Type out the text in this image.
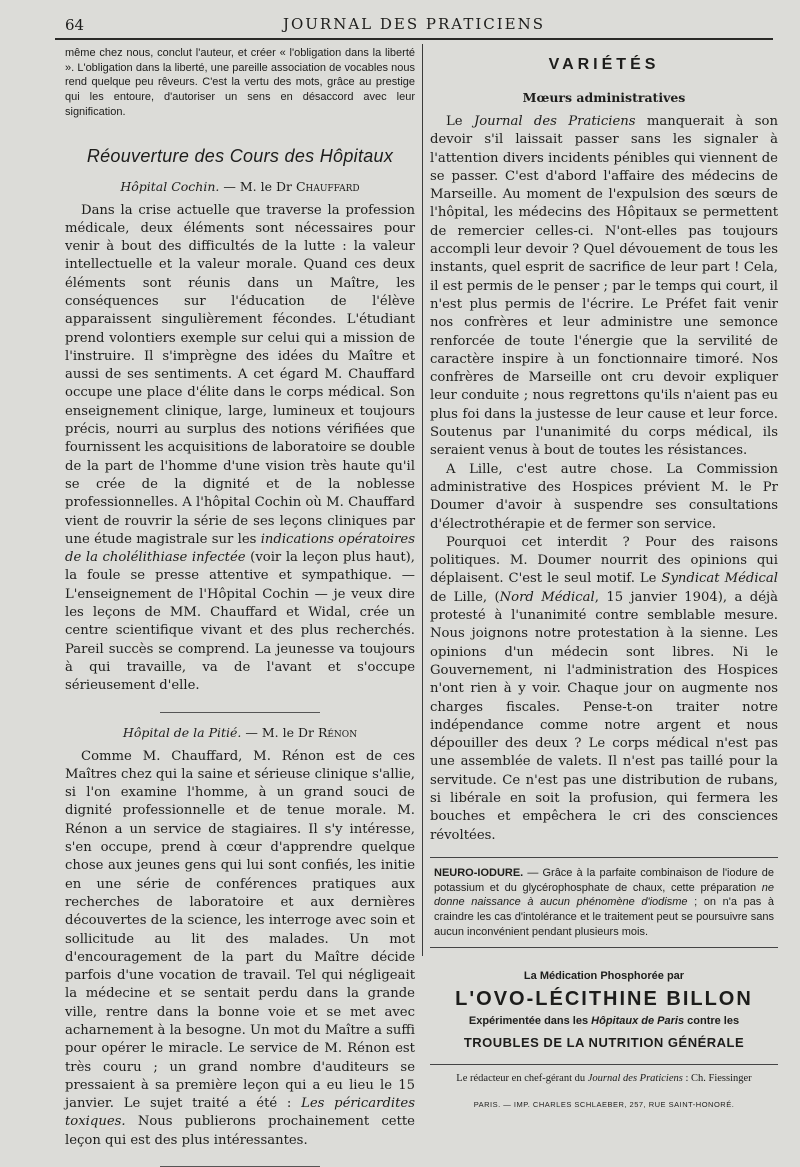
64	JOURNAL DES PRATICIENS

même chez nous, conclut l'auteur, et créer « l'obligation dans la liberté ». L'obligation dans la liberté, une pareille association de vocables nous rend quelque peu rêveurs. C'est la vertu des mots, grâce au prestige qui les entoure, d'autoriser un sens en désaccord avec leur signification.

Réouverture des Cours des Hôpitaux
Hôpital Cochin. — M. le Dr Chauffard

Dans la crise actuelle que traverse la profession médicale, deux éléments sont nécessaires pour venir à bout des difficultés de la lutte : la valeur intellectuelle et la valeur morale. Quand ces deux éléments sont réunis dans un Maître, les conséquences sur l'éducation de l'élève apparaissent singulièrement fécondes. L'étudiant prend volontiers exemple sur celui qui a mission de l'instruire. Il s'imprègne des idées du Maître et aussi de ses sentiments. A cet égard M. Chauffard occupe une place d'élite dans le corps médical. Son enseignement clinique, large, lumineux et toujours précis, nourri au surplus des notions vérifiées que fournissent les acquisitions de laboratoire se double de la part de l'homme d'une vision très haute qu'il se crée de la dignité et de la noblesse professionnelles. A l'hôpital Cochin où M. Chauffard vient de rouvrir la série de ses leçons cliniques par une étude magistrale sur les indications opératoires de la cholélithiase infectée (voir la leçon plus haut), la foule se presse attentive et sympathique. — L'enseignement de l'Hôpital Cochin — je veux dire les leçons de MM. Chauffard et Widal, crée un centre scientifique vivant et des plus recherchés. Pareil succès se comprend. La jeunesse va toujours à qui travaille, va de l'avant et s'occupe sérieusement d'elle.

Hôpital de la Pitié. — M. le Dr Rénon

Comme M. Chauffard, M. Rénon est de ces Maîtres chez qui la saine et sérieuse clinique s'allie, si l'on examine l'homme, à un grand souci de dignité professionnelle et de tenue morale. M. Rénon a un service de stagiaires. Il s'y intéresse, s'en occupe, prend à cœur d'apprendre quelque chose aux jeunes gens qui lui sont confiés, les initie en une série de conférences pratiques aux recherches de laboratoire et aux dernières découvertes de la science, les interroge avec soin et sollicitude au lit des malades. Un mot d'encouragement de la part du Maître décide parfois d'une vocation de travail. Tel qui négligeait la médecine et se sentait perdu dans la grande ville, rentre dans la bonne voie et se met avec acharnement à la besogne. Un mot du Maître a suffi pour opérer le miracle. Le service de M. Rénon est très couru ; un grand nombre d'auditeurs se pressaient à sa première leçon qui a eu lieu le 15 janvier. Le sujet traité a été : Les péricardites toxiques. Nous publierons prochainement cette leçon qui est des plus intéressantes.

VARIÉTÉS
Mœurs administratives

Le Journal des Praticiens manquerait à son devoir s'il laissait passer sans les signaler à l'attention divers incidents pénibles qui viennent de se passer. C'est d'abord l'affaire des médecins de Marseille. Au moment de l'expulsion des sœurs de l'hôpital, les médecins des Hôpitaux se permettent de remercier celles-ci. N'ont-elles pas toujours accompli leur devoir ? Quel dévouement de tous les instants, quel esprit de sacrifice de leur part ! Cela, il est permis de le penser ; par le temps qui court, il n'est plus permis de l'écrire. Le Préfet fait venir nos confrères et leur administre une semonce renforcée de toute l'énergie que la servilité de caractère inspire à un fonctionnaire timoré. Nos confrères de Marseille ont cru devoir expliquer leur conduite ; nous regrettons qu'ils n'aient pas eu plus foi dans la justesse de leur cause et leur force. Soutenus par l'unanimité du corps médical, ils seraient venus à bout de toutes les résistances.

A Lille, c'est autre chose. La Commission administrative des Hospices prévient M. le Pr Doumer d'avoir à suspendre ses consultations d'électrothérapie et de fermer son service.

Pourquoi cet interdit ? Pour des raisons politiques. M. Doumer nourrit des opinions qui déplaisent. C'est le seul motif. Le Syndicat Médical de Lille, (Nord Médical, 15 janvier 1904), a déjà protesté à l'unanimité contre semblable mesure. Nous joignons notre protestation à la sienne. Les opinions d'un médecin sont libres. Ni le Gouvernement, ni l'administration des Hospices n'ont rien à y voir. Chaque jour on augmente nos charges fiscales. Pense-t-on traiter notre indépendance comme notre argent et nous dépouiller des deux ? Le corps médical n'est pas une assemblée de valets. Il n'est pas taillé pour la servitude. Ce n'est pas une distribution de rubans, si libérale en soit la profusion, qui fermera les bouches et empêchera le cri des consciences révoltées.

NEURO-IODURE. — Grâce à la parfaite combinaison de l'iodure de potassium et du glycérophosphate de chaux, cette préparation ne donne naissance à aucun phénomène d'iodisme ; on n'a pas à craindre les cas d'intolérance et le traitement peut se poursuivre sans aucun inconvénient pendant plusieurs mois.

La Médication Phosphorée par
L'OVO-LÉCITHINE BILLON
Expérimentée dans les Hôpitaux de Paris contre les
TROUBLES DE LA NUTRITION GÉNÉRALE
Le rédacteur en chef-gérant du Journal des Praticiens : Ch. Fiessinger
PARIS. — IMP. CHARLES SCHLAEBER, 257, RUE SAINT-HONORÉ.
